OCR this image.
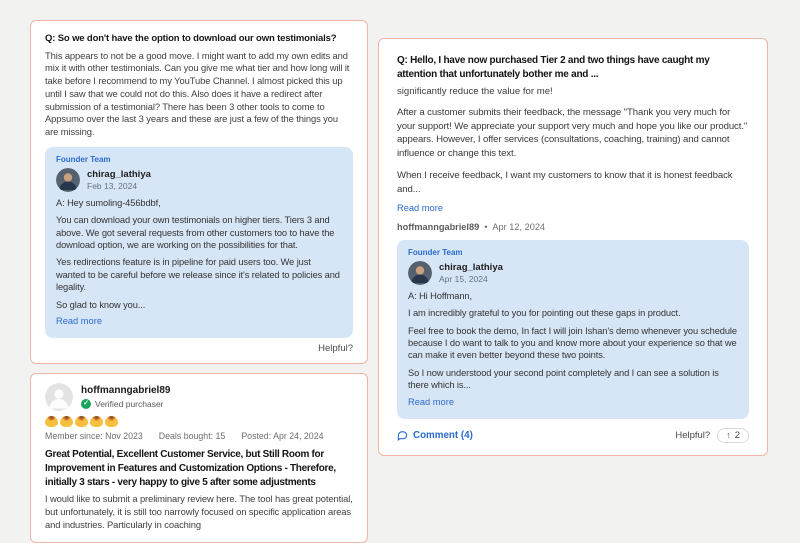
Q: So we don't have the option to download our own testimonials?

This appears to not be a good move. I might want to add my own edits and mix it with other testimonials. Can you give me what tier and how long will it take before I recommend to my YouTube Channel. I almost picked this up until I saw that we could not do this. Also does it have a redirect after submission of a testimonial? There has been 3 other tools to come to Appsumo over the last 3 years and these are just a few of the things you are missing.

Founder Team
chirag_lathiya
Feb 13, 2024

A: Hey sumoling-456bdbf,

You can download your own testimonials on higher tiers. Tiers 3 and above. We got several requests from other customers too to have the download option, we are working on the possibilities for that.

Yes redirections feature is in pipeline for paid users too. We just wanted to be careful before we release since it's related to policies and legality.

So glad to know you...

Read more
Helpful?
hoffmanngabriel89
✓ Verified purchaser
Member since: Nov 2023 Deals bought: 15 Posted: Apr 24, 2024
Great Potential, Excellent Customer Service, but Still Room for Improvement in Features and Customization Options - Therefore, initially 3 stars - very happy to give 5 after some adjustments

I would like to submit a preliminary review here. The tool has great potential, but unfortunately, it is still too narrowly focused on specific application areas and industries. Particularly in coaching

Q: Hello, I have now purchased Tier 2 and two things have caught my attention that unfortunately bother me and ...

significantly reduce the value for me!

After a customer submits their feedback, the message "Thank you very much for your support! We appreciate your support very much and hope you like our product." appears. However, I offer services (consultations, coaching, training) and cannot influence or change this text.

When I receive feedback, I want my customers to know that it is honest feedback and...

Read more
hoffmanngabriel89 • Apr 12, 2024
Founder Team
chirag_lathiya
Apr 15, 2024

A: Hi Hoffmann,

I am incredibly grateful to you for pointing out these gaps in product.

Feel free to book the demo, In fact I will join Ishan's demo whenever you schedule because I do want to talk to you and know more about your experience so that we can make it even better beyond these two points.

So I now understood your second point completely and I can see a solution is there which is...

Read more
Comment (4)	Helpful? ↑ 2
